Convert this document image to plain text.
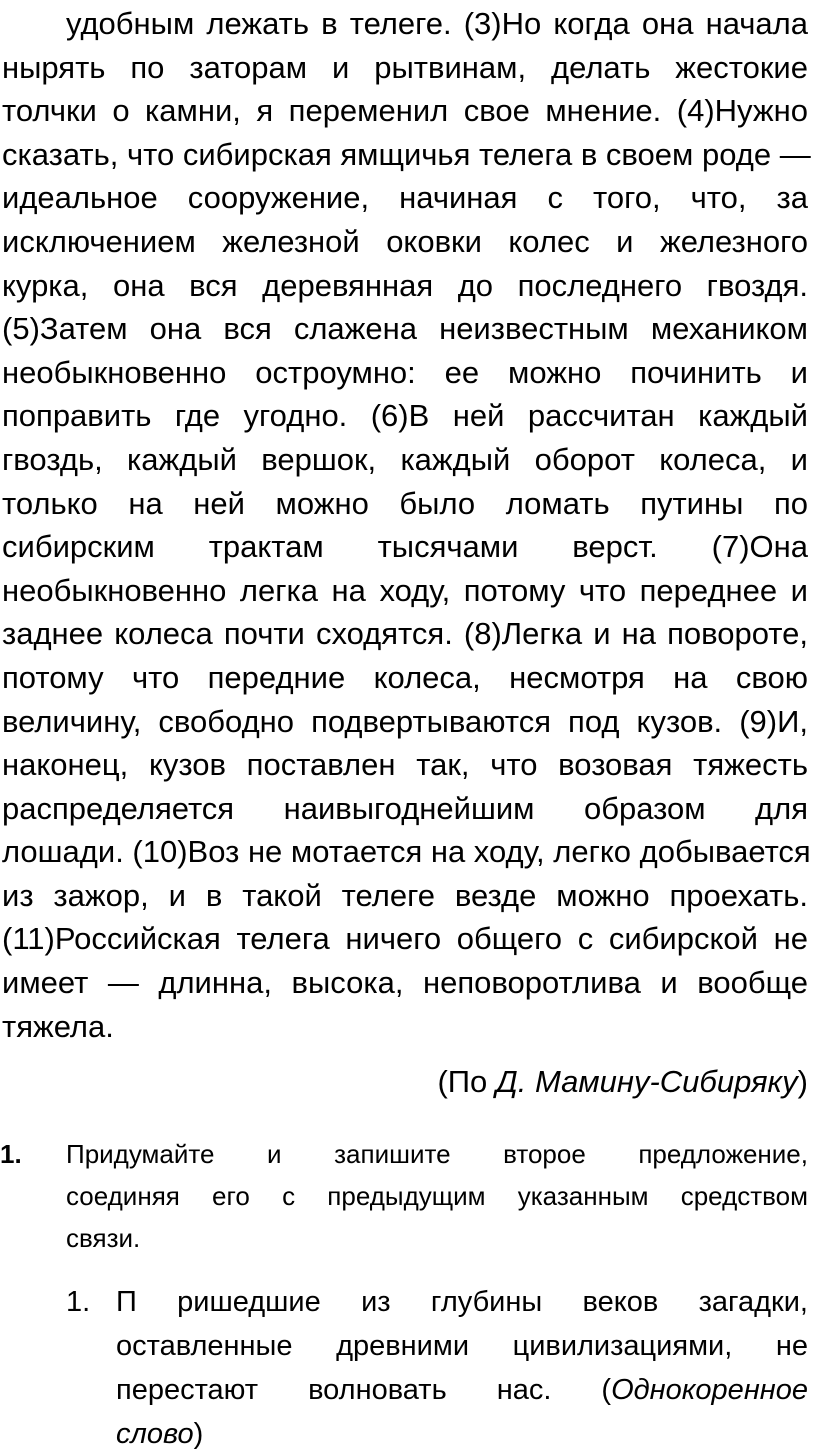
удобным лежать в телеге. (3)Но когда она начала
нырять по заторам и рытвинам, делать жестокие
толчки о камни, я переменил свое мнение. (4)Нужно
сказать, что сибирская ямщичья телега в своем роде —
идеальное сооружение, начиная с того, что, за
исключением железной оковки колес и железного
курка, она вся деревянная до последнего гвоздя.
(5)Затем она вся слажена неизвестным механиком
необыкновенно остроумно: ее можно починить и
поправить где угодно. (6)В ней рассчитан каждый
гвоздь, каждый вершок, каждый оборот колеса, и
только на ней можно было ломать путины по
сибирским трактам тысячами верст. (7)Она
необыкновенно легка на ходу, потому что переднее и
заднее колеса почти сходятся. (8)Легка и на повороте,
потому что передние колеса, несмотря на свою
величину, свободно подвертываются под кузов. (9)И,
наконец, кузов поставлен так, что возовая тяжесть
распределяется наивыгоднейшим образом для
лошади. (10)Воз не мотается на ходу, легко добывается
из зажор, и в такой телеге везде можно проехать.
(11)Российская телега ничего общего с сибирской не
имеет — длинна, высока, неповоротлива и вообще
тяжела.
(По Д. Мамину-Сибиряку)
1. Придумайте и запишите второе предложение,
соединяя его с предыдущим указанным средством
связи.
1. П ришедшие из глубины веков загадки,
оставленные древними цивилизациями, не
перестают волновать нас. (Однокоренное
слово)
